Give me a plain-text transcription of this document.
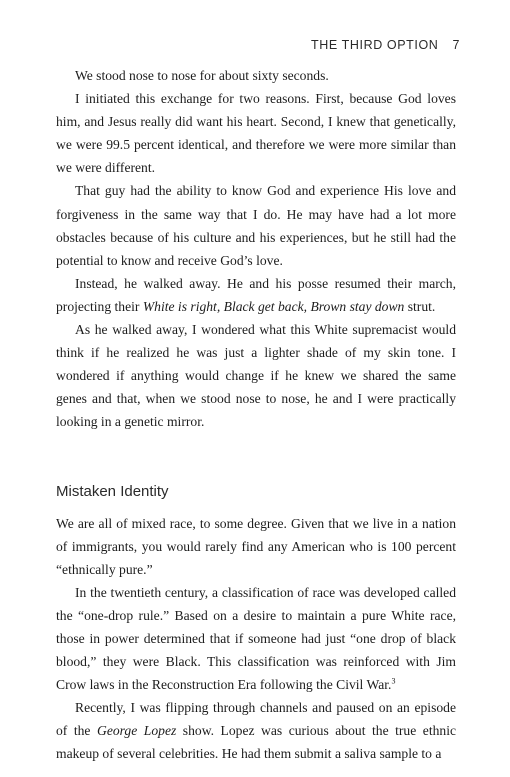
THE THIRD OPTION 7

We stood nose to nose for about sixty seconds.

I initiated this exchange for two reasons. First, because God loves him, and Jesus really did want his heart. Second, I knew that genetically, we were 99.5 percent identical, and therefore we were more similar than we were different.

That guy had the ability to know God and experience His love and forgiveness in the same way that I do. He may have had a lot more obstacles because of his culture and his experiences, but he still had the potential to know and receive God’s love.

Instead, he walked away. He and his posse resumed their march, projecting their White is right, Black get back, Brown stay down strut.

As he walked away, I wondered what this White supremacist would think if he realized he was just a lighter shade of my skin tone. I wondered if anything would change if he knew we shared the same genes and that, when we stood nose to nose, he and I were practically looking in a genetic mirror.

Mistaken Identity

We are all of mixed race, to some degree. Given that we live in a nation of immigrants, you would rarely find any American who is 100 percent “ethnically pure.”

In the twentieth century, a classification of race was developed called the “one-drop rule.” Based on a desire to maintain a pure White race, those in power determined that if someone had just “one drop of black blood,” they were Black. This classification was reinforced with Jim Crow laws in the Reconstruction Era following the Civil War.$^3$

Recently, I was flipping through channels and paused on an episode of the George Lopez show. Lopez was curious about the true ethnic makeup of several celebrities. He had them submit a saliva sample to a
